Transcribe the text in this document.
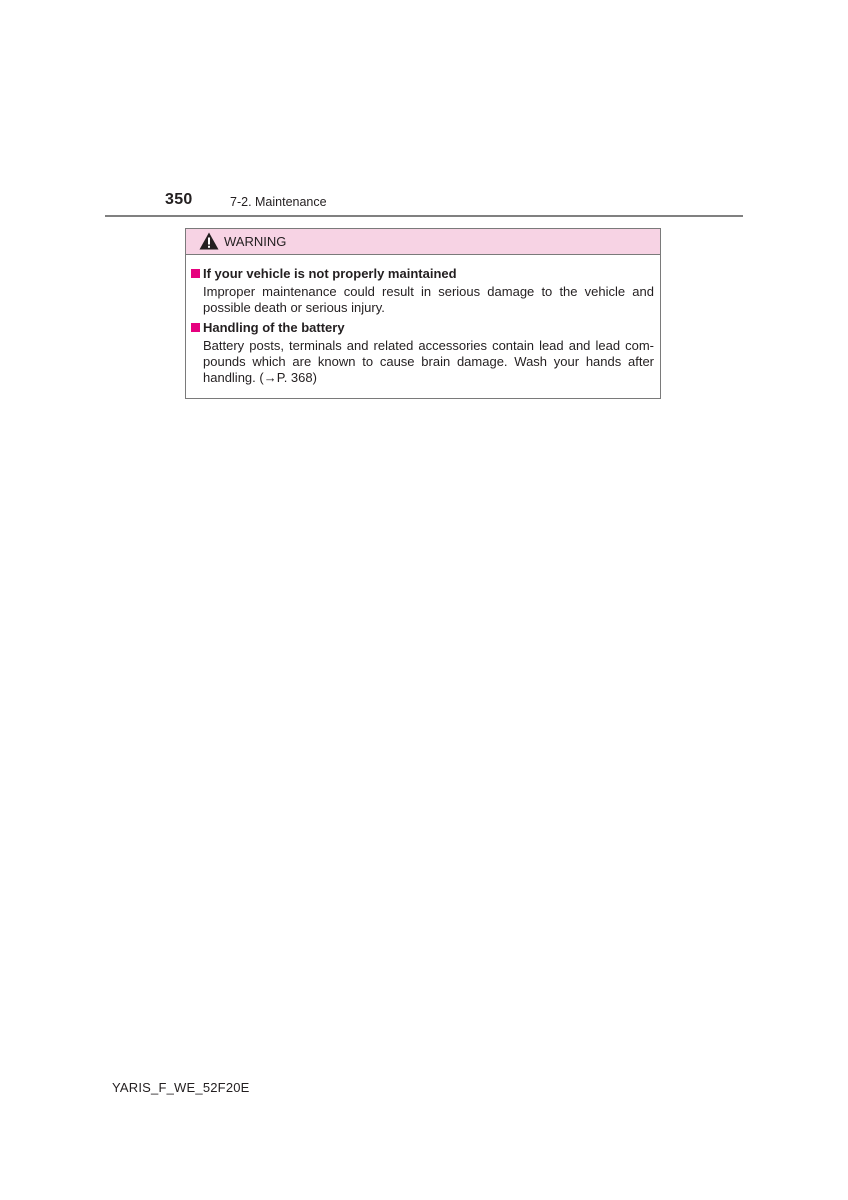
350	7-2. Maintenance
WARNING
If your vehicle is not properly maintained
Improper maintenance could result in serious damage to the vehicle and possible death or serious injury.
Handling of the battery
Battery posts, terminals and related accessories contain lead and lead com-pounds which are known to cause brain damage. Wash your hands after handling. (→P. 368)
YARIS_F_WE_52F20E
